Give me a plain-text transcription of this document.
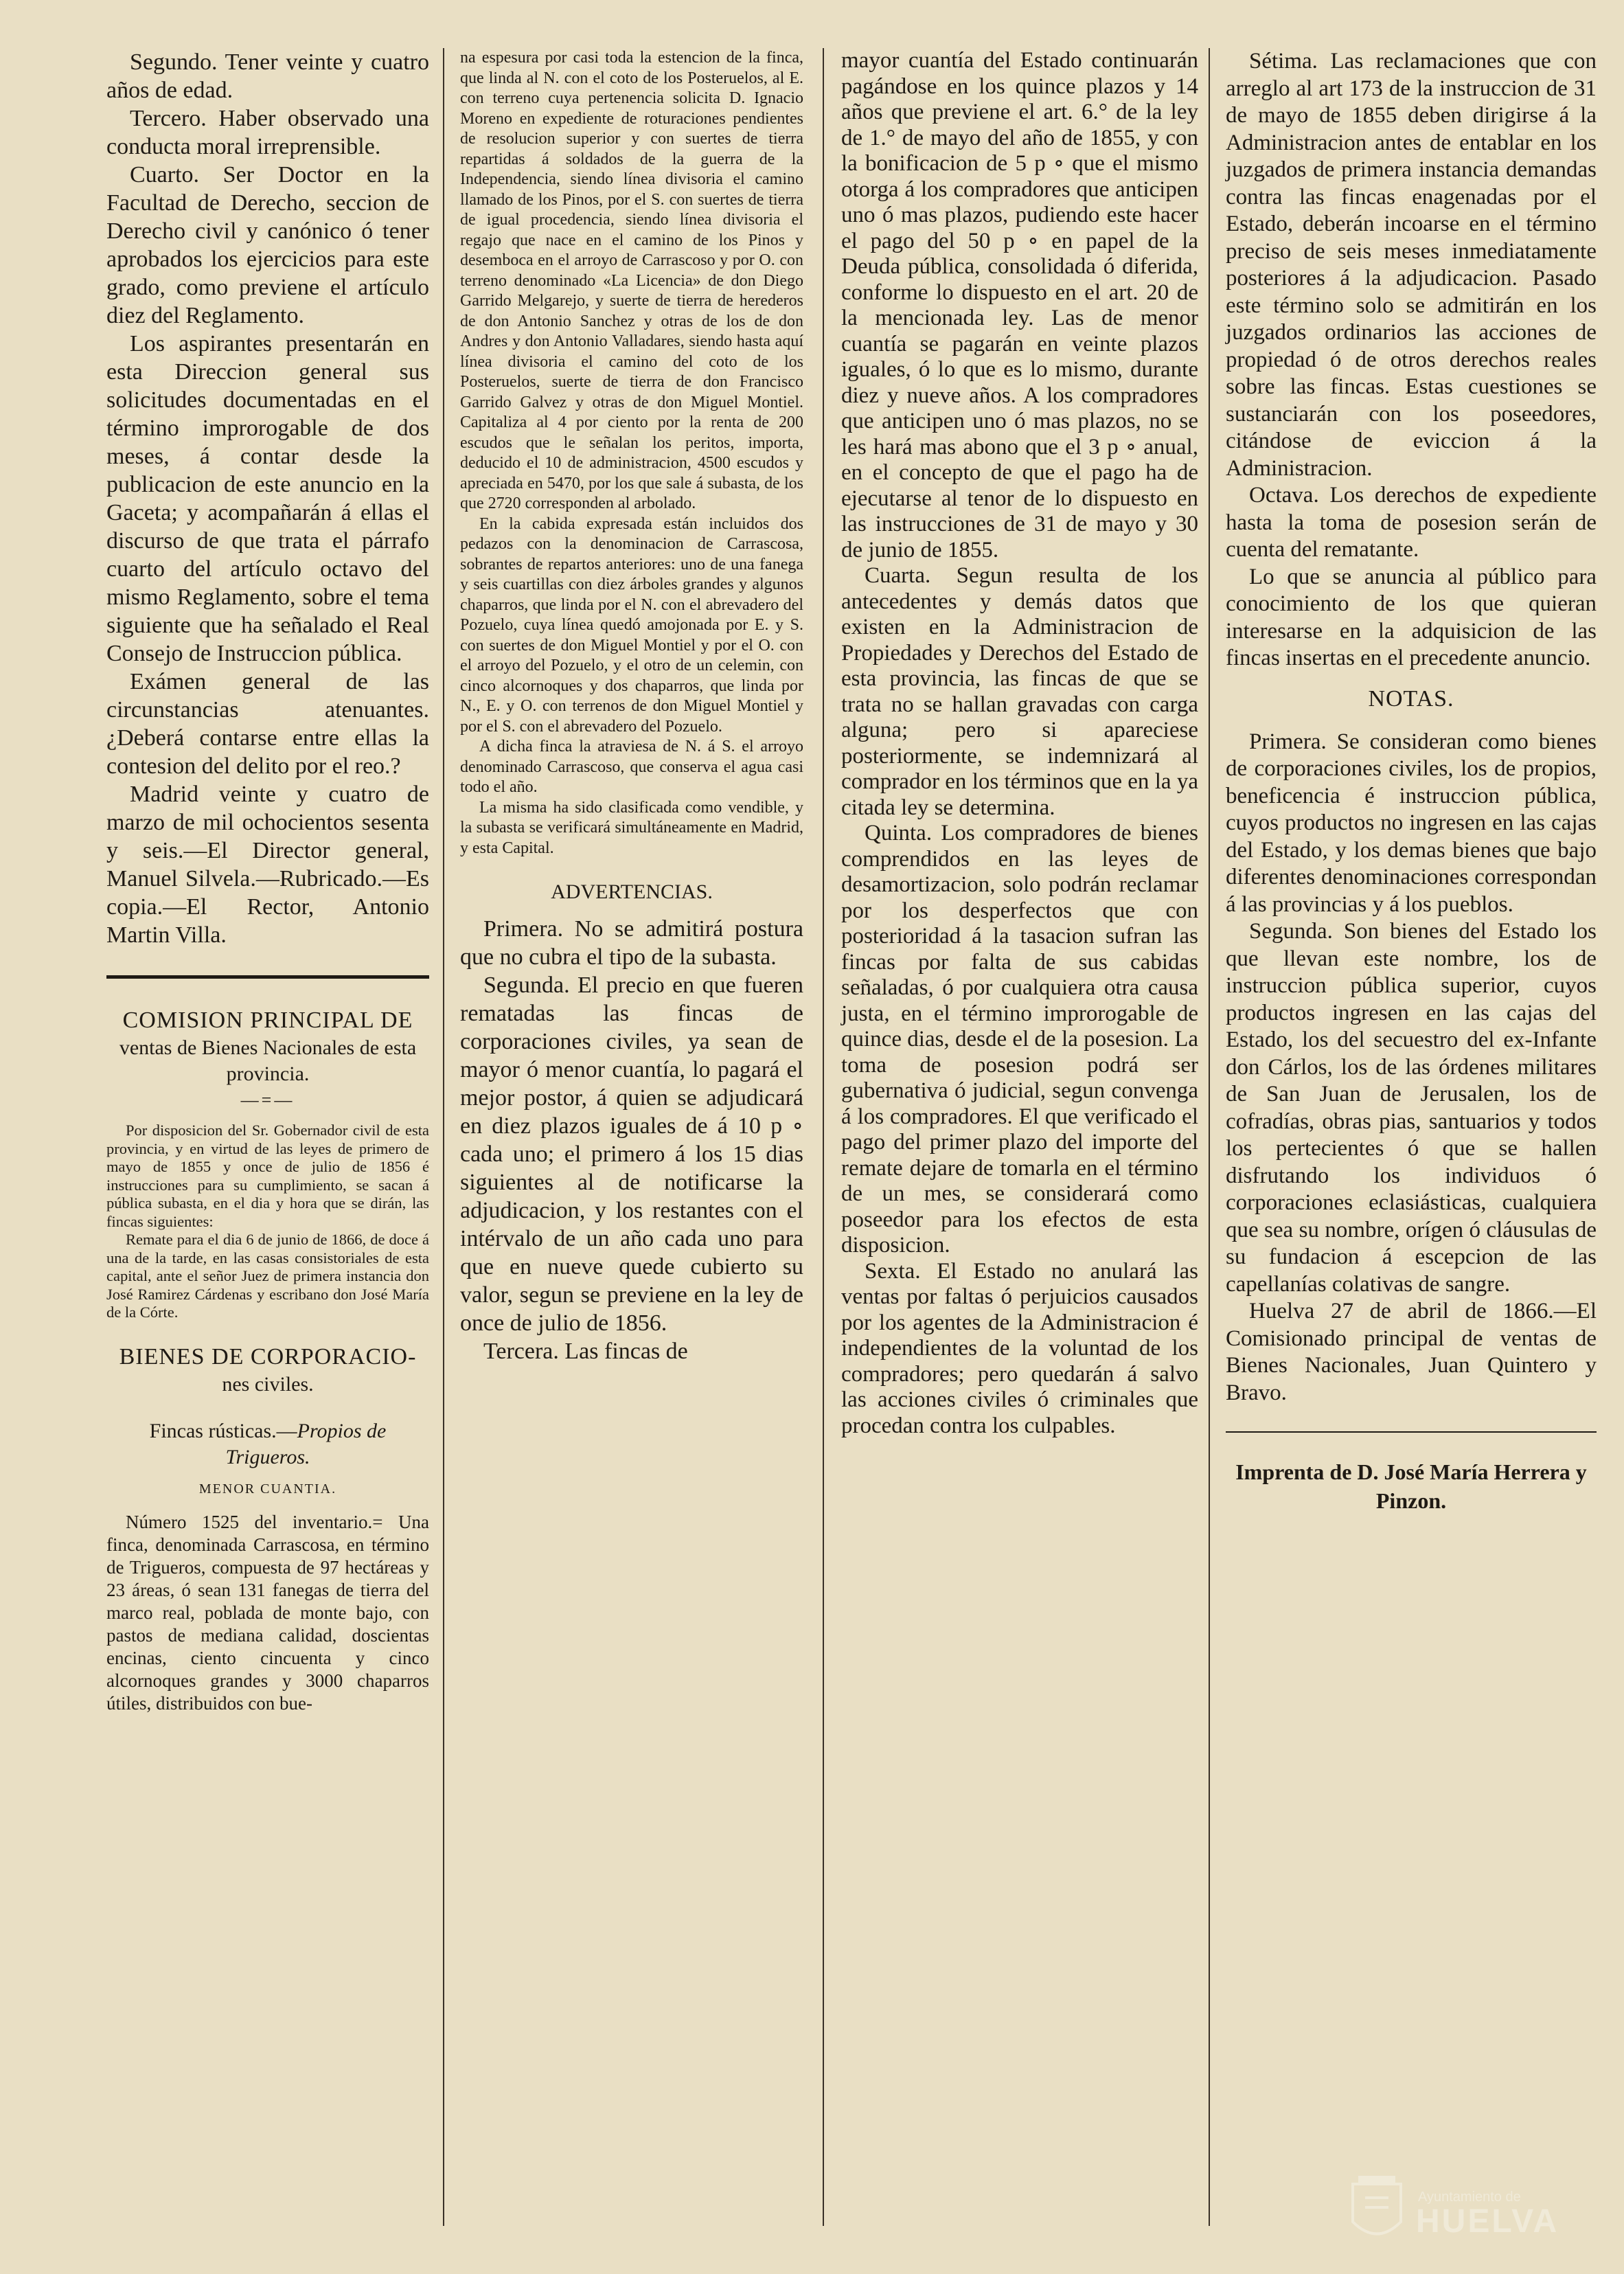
Segundo. Tener veinte y cuatro años de edad.

Tercero. Haber observado una conducta moral irreprensible.

Cuarto. Ser Doctor en la Facultad de Derecho, seccion de Derecho civil y canónico ó tener aprobados los ejercicios para este grado, como previene el artículo diez del Reglamento.

Los aspirantes presentarán en esta Direccion general sus solicitudes documentadas en el término improrogable de dos meses, á contar desde la publicacion de este anuncio en la Gaceta; y acompañarán á ellas el discurso de que trata el párrafo cuarto del artículo octavo del mismo Reglamento, sobre el tema siguiente que ha señalado el Real Consejo de Instruccion pública.

Exámen general de las circunstancias atenuantes. ¿Deberá contarse entre ellas la contesion del delito por el reo.?

Madrid veinte y cuatro de marzo de mil ochocientos sesenta y seis.—El Director general, Manuel Silvela.—Rubricado.—Es copia.—El Rector, Antonio Martin Villa.

COMISION PRINCIPAL DE
ventas de Bienes Nacionales de esta provincia.
—=—

Por disposicion del Sr. Gobernador civil de esta provincia, y en virtud de las leyes de primero de mayo de 1855 y once de julio de 1856 é instrucciones para su cumplimiento, se sacan á pública subasta, en el dia y hora que se dirán, las fincas siguientes:

Remate para el dia 6 de junio de 1866, de doce á una de la tarde, en las casas consistoriales de esta capital, ante el señor Juez de primera instancia don José Ramirez Cárdenas y escribano don José María de la Córte.

BIENES DE CORPORACIO-
nes civiles.
Fincas rústicas.—Propios de Trigueros.
MENOR CUANTIA.

Número 1525 del inventario.= Una finca, denominada Carrascosa, en término de Trigueros, compuesta de 97 hectáreas y 23 áreas, ó sean 131 fanegas de tierra del marco real, poblada de monte bajo, con pastos de mediana calidad, doscientas encinas, ciento cincuenta y cinco alcornoques grandes y 3000 chaparros útiles, distribuidos con bue-

na espesura por casi toda la estencion de la finca, que linda al N. con el coto de los Posteruelos, al E. con terreno cuya pertenencia solicita D. Ignacio Moreno en expediente de roturaciones pendientes de resolucion superior y con suertes de tierra repartidas á soldados de la guerra de la Independencia, siendo línea divisoria el camino llamado de los Pinos, por el S. con suertes de tierra de igual procedencia, siendo línea divisoria el regajo que nace en el camino de los Pinos y desemboca en el arroyo de Carrascoso y por O. con terreno denominado «La Licencia» de don Diego Garrido Melgarejo, y suerte de tierra de herederos de don Antonio Sanchez y otras de los de don Andres y don Antonio Valladares, siendo hasta aquí línea divisoria el camino del coto de los Posteruelos, suerte de tierra de don Francisco Garrido Galvez y otras de don Miguel Montiel. Capitaliza al 4 por ciento por la renta de 200 escudos que le señalan los peritos, importa, deducido el 10 de administracion, 4500 escudos y apreciada en 5470, por los que sale á subasta, de los que 2720 corresponden al arbolado.

En la cabida expresada están incluidos dos pedazos con la denominacion de Carrascosa, sobrantes de repartos anteriores: uno de una fanega y seis cuartillas con diez árboles grandes y algunos chaparros, que linda por el N. con el abrevadero del Pozuelo, cuya línea quedó amojonada por E. y S. con suertes de don Miguel Montiel y por el O. con el arroyo del Pozuelo, y el otro de un celemin, con cinco alcornoques y dos chaparros, que linda por N., E. y O. con terrenos de don Miguel Montiel y por el S. con el abrevadero del Pozuelo.

A dicha finca la atraviesa de N. á S. el arroyo denominado Carrascoso, que conserva el agua casi todo el año.

La misma ha sido clasificada como vendible, y la subasta se verificará simultáneamente en Madrid, y esta Capital.

ADVERTENCIAS.

Primera. No se admitirá postura que no cubra el tipo de la subasta.

Segunda. El precio en que fueren rematadas las fincas de corporaciones civiles, ya sean de mayor ó menor cuantía, lo pagará el mejor postor, á quien se adjudicará en diez plazos iguales de á 10 p ∘ cada uno; el primero á los 15 dias siguientes al de notificarse la adjudicacion, y los restantes con el intérvalo de un año cada uno para que en nueve quede cubierto su valor, segun se previene en la ley de once de julio de 1856.

Tercera. Las fincas de

mayor cuantía del Estado continuarán pagándose en los quince plazos y 14 años que previene el art. 6.° de la ley de 1.° de mayo del año de 1855, y con la bonificacion de 5 p ∘ que el mismo otorga á los compradores que anticipen uno ó mas plazos, pudiendo este hacer el pago del 50 p ∘ en papel de la Deuda pública, consolidada ó diferida, conforme lo dispuesto en el art. 20 de la mencionada ley. Las de menor cuantía se pagarán en veinte plazos iguales, ó lo que es lo mismo, durante diez y nueve años. A los compradores que anticipen uno ó mas plazos, no se les hará mas abono que el 3 p ∘ anual, en el concepto de que el pago ha de ejecutarse al tenor de lo dispuesto en las instrucciones de 31 de mayo y 30 de junio de 1855.

Cuarta. Segun resulta de los antecedentes y demás datos que existen en la Administracion de Propiedades y Derechos del Estado de esta provincia, las fincas de que se trata no se hallan gravadas con carga alguna; pero si apareciese posteriormente, se indemnizará al comprador en los términos que en la ya citada ley se determina.

Quinta. Los compradores de bienes comprendidos en las leyes de desamortizacion, solo podrán reclamar por los desperfectos que con posterioridad á la tasacion sufran las fincas por falta de sus cabidas señaladas, ó por cualquiera otra causa justa, en el término improrogable de quince dias, desde el de la posesion. La toma de posesion podrá ser gubernativa ó judicial, segun convenga á los compradores. El que verificado el pago del primer plazo del importe del remate dejare de tomarla en el término de un mes, se considerará como poseedor para los efectos de esta disposicion.

Sexta. El Estado no anulará las ventas por faltas ó perjuicios causados por los agentes de la Administracion é independientes de la voluntad de los compradores; pero quedarán á salvo las acciones civiles ó criminales que procedan contra los culpables.

Sétima. Las reclamaciones que con arreglo al art 173 de la instruccion de 31 de mayo de 1855 deben dirigirse á la Administracion antes de entablar en los juzgados de primera instancia demandas contra las fincas enagenadas por el Estado, deberán incoarse en el término preciso de seis meses inmediatamente posteriores á la adjudicacion. Pasado este término solo se admitirán en los juzgados ordinarios las acciones de propiedad ó de otros derechos reales sobre las fincas. Estas cuestiones se sustanciarán con los poseedores, citándose de eviccion á la Administracion.

Octava. Los derechos de expediente hasta la toma de posesion serán de cuenta del rematante.

Lo que se anuncia al público para conocimiento de los que quieran interesarse en la adquisicion de las fincas insertas en el precedente anuncio.

NOTAS.

Primera. Se consideran como bienes de corporaciones civiles, los de propios, beneficencia é instruccion pública, cuyos productos no ingresen en las cajas del Estado, y los demas bienes que bajo diferentes denominaciones correspondan á las provincias y á los pueblos.

Segunda. Son bienes del Estado los que llevan este nombre, los de instruccion pública superior, cuyos productos ingresen en las cajas del Estado, los del secuestro del ex-Infante don Cárlos, los de las órdenes militares de San Juan de Jerusalen, los de cofradías, obras pias, santuarios y todos los pertecientes ó que se hallen disfrutando los individuos ó corporaciones eclasiásticas, cualquiera que sea su nombre, orígen ó cláusulas de su fundacion á escepcion de las capellanías colativas de sangre.

Huelva 27 de abril de 1866.—El Comisionado principal de ventas de Bienes Nacionales, Juan Quintero y Bravo.

Imprenta de D. José María Herrera y Pinzon.
Ayuntamiento de
HUELVA
